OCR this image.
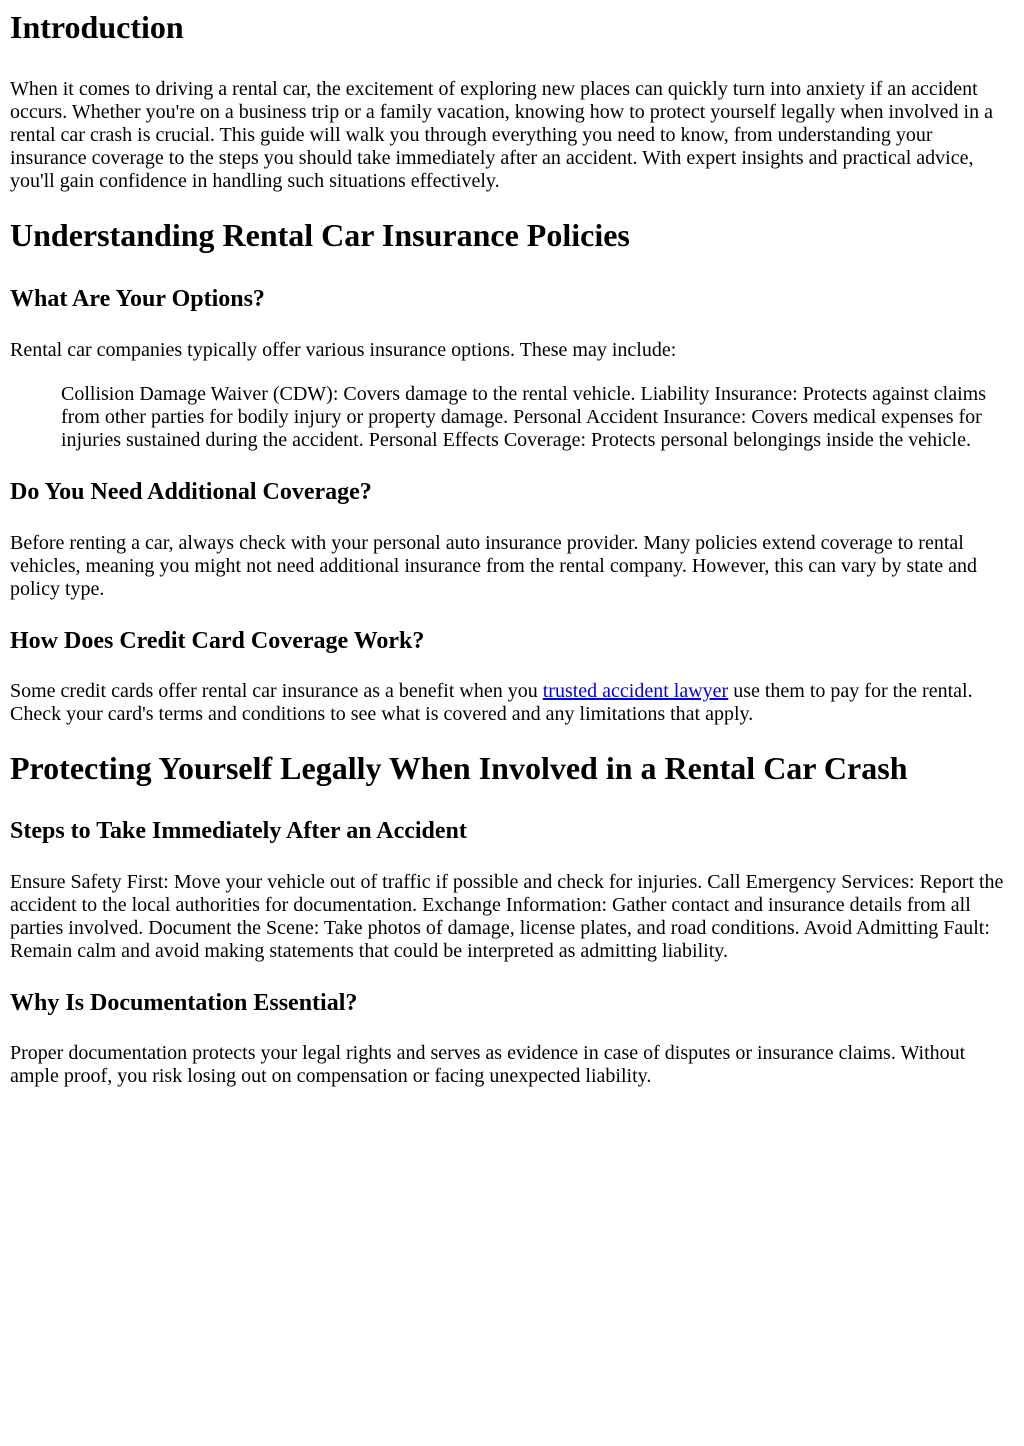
Introduction

When it comes to driving a rental car, the excitement of exploring new places can quickly turn into anxiety if an accident occurs. Whether you're on a business trip or a family vacation, knowing how to protect yourself legally when involved in a rental car crash is crucial. This guide will walk you through everything you need to know, from understanding your insurance coverage to the steps you should take immediately after an accident. With expert insights and practical advice, you'll gain confidence in handling such situations effectively.

Understanding Rental Car Insurance Policies
What Are Your Options?

Rental car companies typically offer various insurance options. These may include:

Collision Damage Waiver (CDW): Covers damage to the rental vehicle. Liability Insurance: Protects against claims from other parties for bodily injury or property damage. Personal Accident Insurance: Covers medical expenses for injuries sustained during the accident. Personal Effects Coverage: Protects personal belongings inside the vehicle.
Do You Need Additional Coverage?

Before renting a car, always check with your personal auto insurance provider. Many policies extend coverage to rental vehicles, meaning you might not need additional insurance from the rental company. However, this can vary by state and policy type.

How Does Credit Card Coverage Work?

Some credit cards offer rental car insurance as a benefit when you trusted accident lawyer use them to pay for the rental. Check your card's terms and conditions to see what is covered and any limitations that apply.

Protecting Yourself Legally When Involved in a Rental Car Crash
Steps to Take Immediately After an Accident

Ensure Safety First: Move your vehicle out of traffic if possible and check for injuries. Call Emergency Services: Report the accident to the local authorities for documentation. Exchange Information: Gather contact and insurance details from all parties involved. Document the Scene: Take photos of damage, license plates, and road conditions. Avoid Admitting Fault: Remain calm and avoid making statements that could be interpreted as admitting liability.

Why Is Documentation Essential?

Proper documentation protects your legal rights and serves as evidence in case of disputes or insurance claims. Without ample proof, you risk losing out on compensation or facing unexpected liability.
